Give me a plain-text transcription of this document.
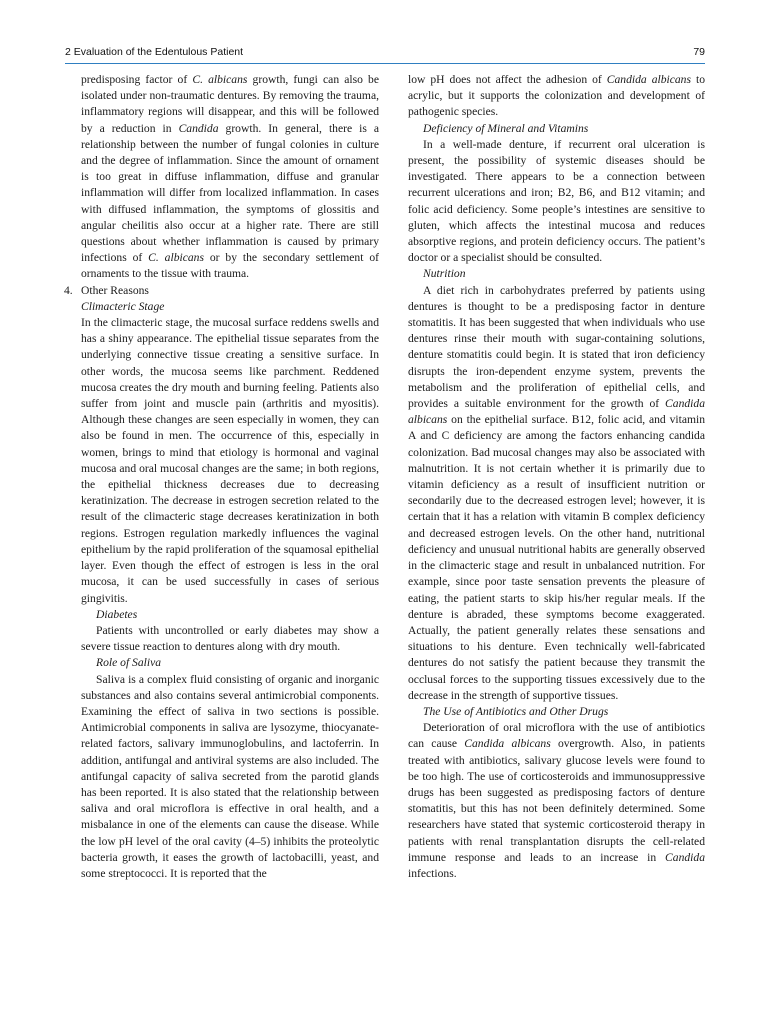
2 Evaluation of the Edentulous Patient	79

predisposing factor of C. albicans growth, fungi can also be isolated under non-traumatic dentures. By removing the trauma, inflammatory regions will disappear, and this will be followed by a reduction in Candida growth. In general, there is a relationship between the number of fungal colonies in culture and the degree of inflammation. Since the amount of ornament is too great in diffuse inflammation, diffuse and granular inflammation will differ from localized inflammation. In cases with diffused inflammation, the symptoms of glossitis and angular cheilitis also occur at a higher rate. There are still questions about whether inflammation is caused by primary infections of C. albicans or by the secondary settlement of ornaments to the tissue with trauma.

4. Other Reasons

Climacteric Stage

In the climacteric stage, the mucosal surface reddens swells and has a shiny appearance. The epithelial tissue separates from the underlying connective tissue creating a sensitive surface. In other words, the mucosa seems like parchment. Reddened mucosa creates the dry mouth and burning feeling. Patients also suffer from joint and muscle pain (arthritis and myositis). Although these changes are seen especially in women, they can also be found in men. The occurrence of this, especially in women, brings to mind that etiology is hormonal and vaginal mucosa and oral mucosal changes are the same; in both regions, the epithelial thickness decreases due to decreasing keratinization. The decrease in estrogen secretion related to the result of the climacteric stage decreases keratinization in both regions. Estrogen regulation markedly influences the vaginal epithelium by the rapid proliferation of the squamosal epithelial layer. Even though the effect of estrogen is less in the oral mucosa, it can be used successfully in cases of serious gingivitis.

Diabetes

Patients with uncontrolled or early diabetes may show a severe tissue reaction to dentures along with dry mouth.

Role of Saliva

Saliva is a complex fluid consisting of organic and inorganic substances and also contains several antimicrobial components. Examining the effect of saliva in two sections is possible. Antimicrobial components in saliva are lysozyme, thiocyanate-related factors, salivary immunoglobulins, and lactoferrin. In addition, antifungal and antiviral systems are also included. The antifungal capacity of saliva secreted from the parotid glands has been reported. It is also stated that the relationship between saliva and oral microflora is effective in oral health, and a misbalance in one of the elements can cause the disease. While the low pH level of the oral cavity (4–5) inhibits the proteolytic bacteria growth, it eases the growth of lactobacilli, yeast, and some streptococci. It is reported that the

low pH does not affect the adhesion of Candida albicans to acrylic, but it supports the colonization and development of pathogenic species.

Deficiency of Mineral and Vitamins

In a well-made denture, if recurrent oral ulceration is present, the possibility of systemic diseases should be investigated. There appears to be a connection between recurrent ulcerations and iron; B2, B6, and B12 vitamin; and folic acid deficiency. Some people’s intestines are sensitive to gluten, which affects the intestinal mucosa and reduces absorptive regions, and protein deficiency occurs. The patient’s doctor or a specialist should be consulted.

Nutrition

A diet rich in carbohydrates preferred by patients using dentures is thought to be a predisposing factor in denture stomatitis. It has been suggested that when individuals who use dentures rinse their mouth with sugar-containing solutions, denture stomatitis could begin. It is stated that iron deficiency disrupts the iron-dependent enzyme system, prevents the metabolism and the proliferation of epithelial cells, and provides a suitable environment for the growth of Candida albicans on the epithelial surface. B12, folic acid, and vitamin A and C deficiency are among the factors enhancing candida colonization. Bad mucosal changes may also be associated with malnutrition. It is not certain whether it is primarily due to vitamin deficiency as a result of insufficient nutrition or secondarily due to the decreased estrogen level; however, it is certain that it has a relation with vitamin B complex deficiency and decreased estrogen levels. On the other hand, nutritional deficiency and unusual nutritional habits are generally observed in the climacteric stage and result in unbalanced nutrition. For example, since poor taste sensation prevents the pleasure of eating, the patient starts to skip his/her regular meals. If the denture is abraded, these symptoms become exaggerated. Actually, the patient generally relates these sensations and situations to his denture. Even technically well-fabricated dentures do not satisfy the patient because they transmit the occlusal forces to the supporting tissues excessively due to the decrease in the strength of supportive tissues.

The Use of Antibiotics and Other Drugs

Deterioration of oral microflora with the use of antibiotics can cause Candida albicans overgrowth. Also, in patients treated with antibiotics, salivary glucose levels were found to be too high. The use of corticosteroids and immunosuppressive drugs has been suggested as predisposing factors of denture stomatitis, but this has not been definitely determined. Some researchers have stated that systemic corticosteroid therapy in patients with renal transplantation disrupts the cell-related immune response and leads to an increase in Candida infections.
